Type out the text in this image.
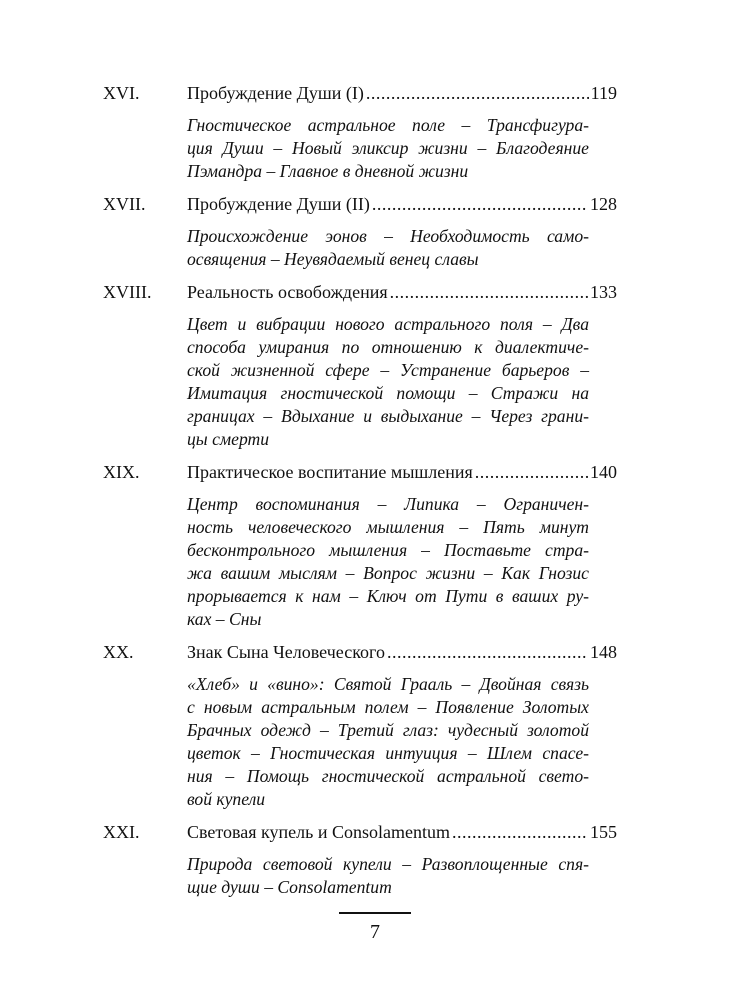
XVI.	Пробуждение Души (I) .....	119
Гностическое астральное поле – Трансфигура-
ция Души – Новый эликсир жизни – Благодеяние
Пэмандра – Главное в дневной жизни
XVII.	Пробуждение Души (II) .....	128
Происхождение эонов – Необходимость само-
освящения – Неувядаемый венец славы
XVIII.	Реальность освобождения .....	133
Цвет и вибрации нового астрального поля – Два
способа умирания по отношению к диалектиче-
ской жизненной сфере – Устранение барьеров –
Имитация гностической помощи – Стражи на
границах – Вдыхание и выдыхание – Через грани-
цы смерти
XIX.	Практическое воспитание мышления .....	140
Центр воспоминания – Липика – Ограничен-
ность человеческого мышления – Пять минут
бесконтрольного мышления – Поставьте стра-
жа вашим мыслям – Вопрос жизни – Как Гнозис
прорывается к нам – Ключ от Пути в ваших ру-
ках – Сны
XX.	Знак Сына Человеческого .....	148
«Хлеб» и «вино»: Святой Грааль – Двойная связь
с новым астральным полем – Появление Золотых
Брачных одежд – Третий глаз: чудесный золотой
цветок – Гностическая интуиция – Шлем спасе-
ния – Помощь гностической астральной свето-
вой купели
XXI.	Световая купель и Consolamentum .....	155
Природа световой купели – Развоплощенные спя-
щие души – Consolamentum
7
